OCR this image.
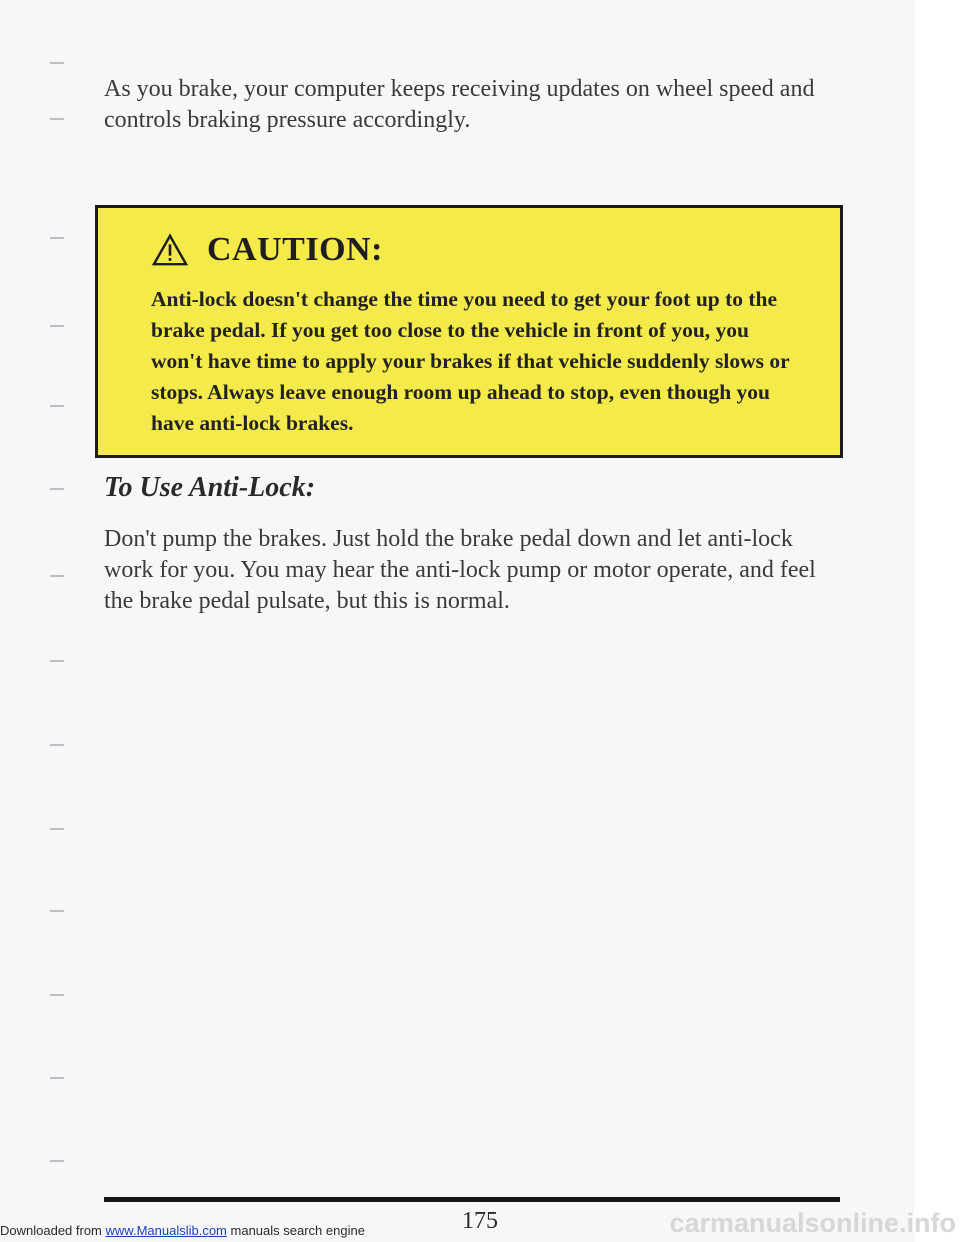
As you brake, your computer keeps receiving updates on wheel speed and controls braking pressure accordingly.

CAUTION:

Anti-lock doesn't change the time you need to get your foot up to the brake pedal. If you get too close to the vehicle in front of you, you won't have time to apply your brakes if that vehicle suddenly slows or stops. Always leave enough room up ahead to stop, even though you have anti-lock brakes.

To Use Anti-Lock:

Don't pump the brakes. Just hold the brake pedal down and let anti-lock work for you. You may hear the anti-lock pump or motor operate, and feel the brake pedal pulsate, but this is normal.

175
Downloaded from www.Manualslib.com manuals search engine	carmanualsonline.info
